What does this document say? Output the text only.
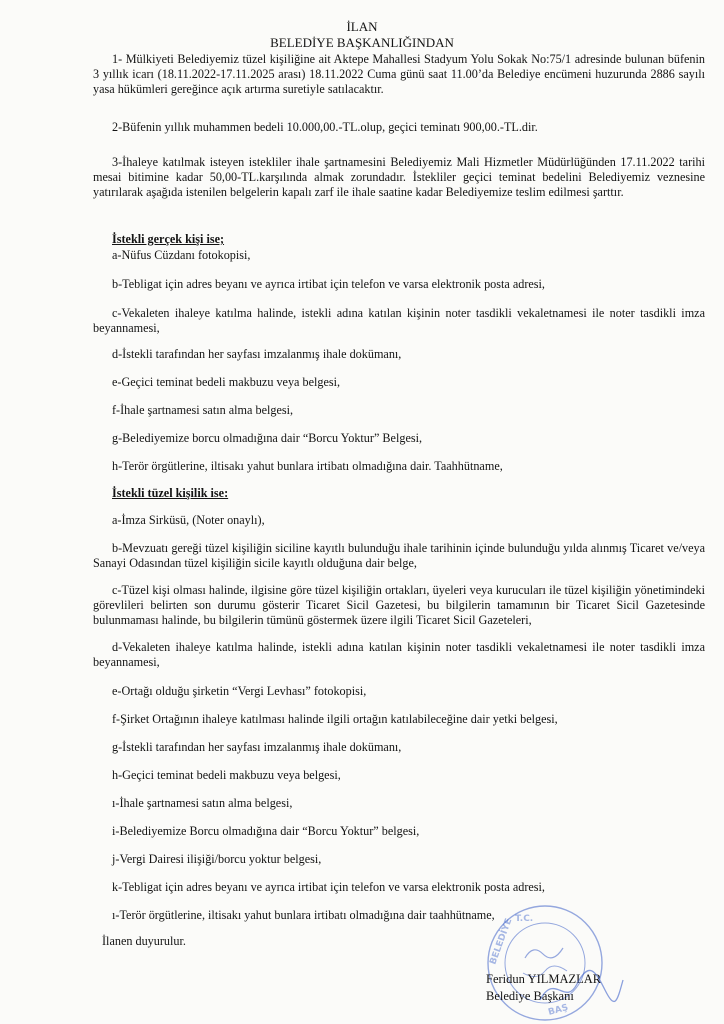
İLAN
BELEDİYE BAŞKANLIĞINDAN
1- Mülkiyeti Belediyemiz tüzel kişiliğine ait Aktepe Mahallesi Stadyum Yolu Sokak No:75/1 adresinde bulunan büfenin 3 yıllık icarı (18.11.2022-17.11.2025 arası) 18.11.2022 Cuma günü saat 11.00’da Belediye encümeni huzurunda 2886 sayılı yasa hükümleri gereğince açık artırma suretiyle satılacaktır.
2-Büfenin yıllık muhammen bedeli 10.000,00.-TL.olup, geçici teminatı 900,00.-TL.dir.
3-İhaleye katılmak isteyen istekliler ihale şartnamesini Belediyemiz Mali Hizmetler Müdürlüğünden 17.11.2022 tarihi mesai bitimine kadar 50,00-TL.karşılında almak zorundadır. İstekliler geçici teminat bedelini Belediyemiz veznesine yatırılarak aşağıda istenilen belgelerin kapalı zarf ile ihale saatine kadar Belediyemize teslim edilmesi şarttır.
İstekli gerçek kişi ise;
a-Nüfus Cüzdanı fotokopisi,
b-Tebligat için adres beyanı ve ayrıca irtibat için telefon ve varsa elektronik posta adresi,
c-Vekaleten ihaleye katılma halinde, istekli adına katılan kişinin noter tasdikli vekaletnamesi ile noter tasdikli imza beyannamesi,
d-İstekli tarafından her sayfası imzalanmış ihale dokümanı,
e-Geçici teminat bedeli makbuzu veya belgesi,
f-İhale şartnamesi satın alma belgesi,
g-Belediyemize borcu olmadığına dair “Borcu Yoktur” Belgesi,
h-Terör örgütlerine, iltisakı yahut bunlara irtibatı olmadığına dair. Taahhütname,
İstekli tüzel kişilik ise:
a-İmza Sirküsü, (Noter onaylı),
b-Mevzuatı gereği tüzel kişiliğin siciline kayıtlı bulunduğu ihale tarihinin içinde bulunduğu yılda alınmış Ticaret ve/veya Sanayi Odasından tüzel kişiliğin sicile kayıtlı olduğuna dair belge,
c-Tüzel kişi olması halinde, ilgisine göre tüzel kişiliğin ortakları, üyeleri veya kurucuları ile tüzel kişiliğin yönetimindeki görevlileri belirten son durumu gösterir Ticaret Sicil Gazetesi, bu bilgilerin tamamının bir Ticaret Sicil Gazetesinde bulunmaması halinde, bu bilgilerin tümünü göstermek üzere ilgili Ticaret Sicil Gazeteleri,
d-Vekaleten ihaleye katılma halinde, istekli adına katılan kişinin noter tasdikli vekaletnamesi ile noter tasdikli imza beyannamesi,
e-Ortağı olduğu şirketin “Vergi Levhası” fotokopisi,
f-Şirket Ortağının ihaleye katılması halinde ilgili ortağın katılabileceğine dair yetki belgesi,
g-İstekli tarafından her sayfası imzalanmış ihale dokümanı,
h-Geçici teminat bedeli makbuzu veya belgesi,
ı-İhale şartnamesi satın alma belgesi,
i-Belediyemize Borcu olmadığına dair “Borcu Yoktur” belgesi,
j-Vergi Dairesi ilişiği/borcu yoktur belgesi,
k-Tebligat için adres beyanı ve ayrıca irtibat için telefon ve varsa elektronik posta adresi,
ı-Terör örgütlerine, iltisakı yahut bunlara irtibatı olmadığına dair taahhütname,
İlanen duyurulur.
T.C.
BELEDİYE
BAŞ
Feridun YILMAZLAR
Belediye Başkanı
